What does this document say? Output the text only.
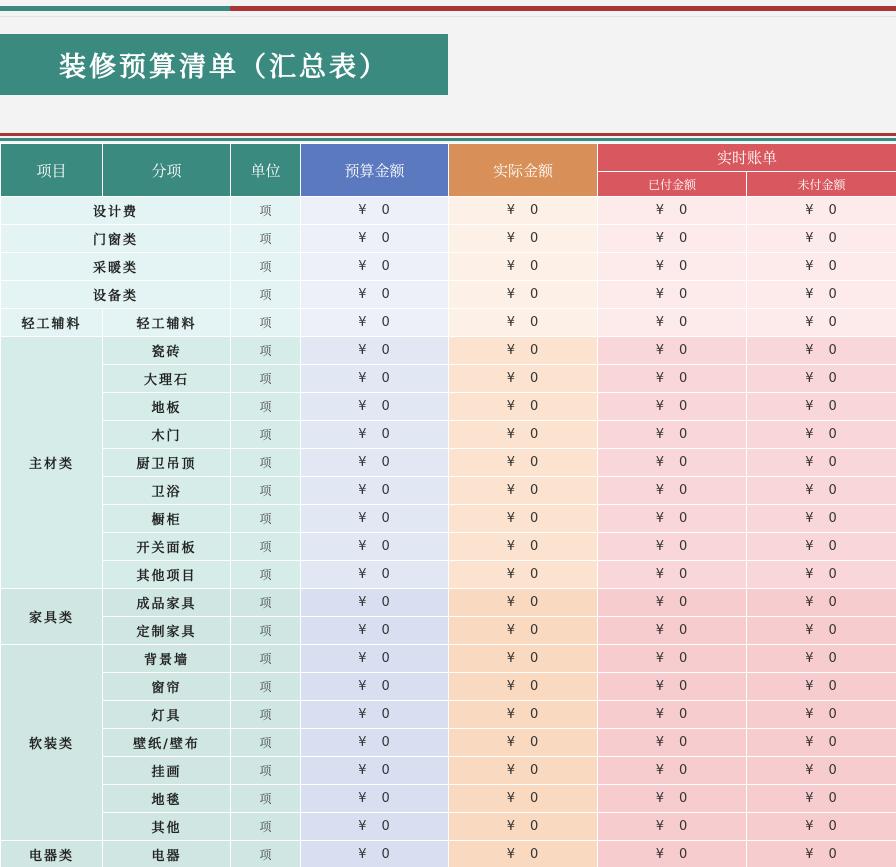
装修预算清单（汇总表）
项目	分项	单位	预算金额	实际金额	实时账单	
					已付金额	未付金额
设计费		项	¥ 0	¥ 0	¥ 0	¥ 0
门窗类		项	¥ 0	¥ 0	¥ 0	¥ 0
采暖类		项	¥ 0	¥ 0	¥ 0	¥ 0
设备类		项	¥ 0	¥ 0	¥ 0	¥ 0
轻工辅料	轻工辅料	项	¥ 0	¥ 0	¥ 0	¥ 0
主材类	瓷砖	项	¥ 0	¥ 0	¥ 0	¥ 0
	大理石	项	¥ 0	¥ 0	¥ 0	¥ 0
	地板	项	¥ 0	¥ 0	¥ 0	¥ 0
	木门	项	¥ 0	¥ 0	¥ 0	¥ 0
	厨卫吊顶	项	¥ 0	¥ 0	¥ 0	¥ 0
	卫浴	项	¥ 0	¥ 0	¥ 0	¥ 0
	橱柜	项	¥ 0	¥ 0	¥ 0	¥ 0
	开关面板	项	¥ 0	¥ 0	¥ 0	¥ 0
	其他项目	项	¥ 0	¥ 0	¥ 0	¥ 0
家具类	成品家具	项	¥ 0	¥ 0	¥ 0	¥ 0
	定制家具	项	¥ 0	¥ 0	¥ 0	¥ 0
软装类	背景墙	项	¥ 0	¥ 0	¥ 0	¥ 0
	窗帘	项	¥ 0	¥ 0	¥ 0	¥ 0
	灯具	项	¥ 0	¥ 0	¥ 0	¥ 0
	壁纸/壁布	项	¥ 0	¥ 0	¥ 0	¥ 0
	挂画	项	¥ 0	¥ 0	¥ 0	¥ 0
	地毯	项	¥ 0	¥ 0	¥ 0	¥ 0
	其他	项	¥ 0	¥ 0	¥ 0	¥ 0
电器类	电器	项	¥ 0	¥ 0	¥ 0	¥ 0
